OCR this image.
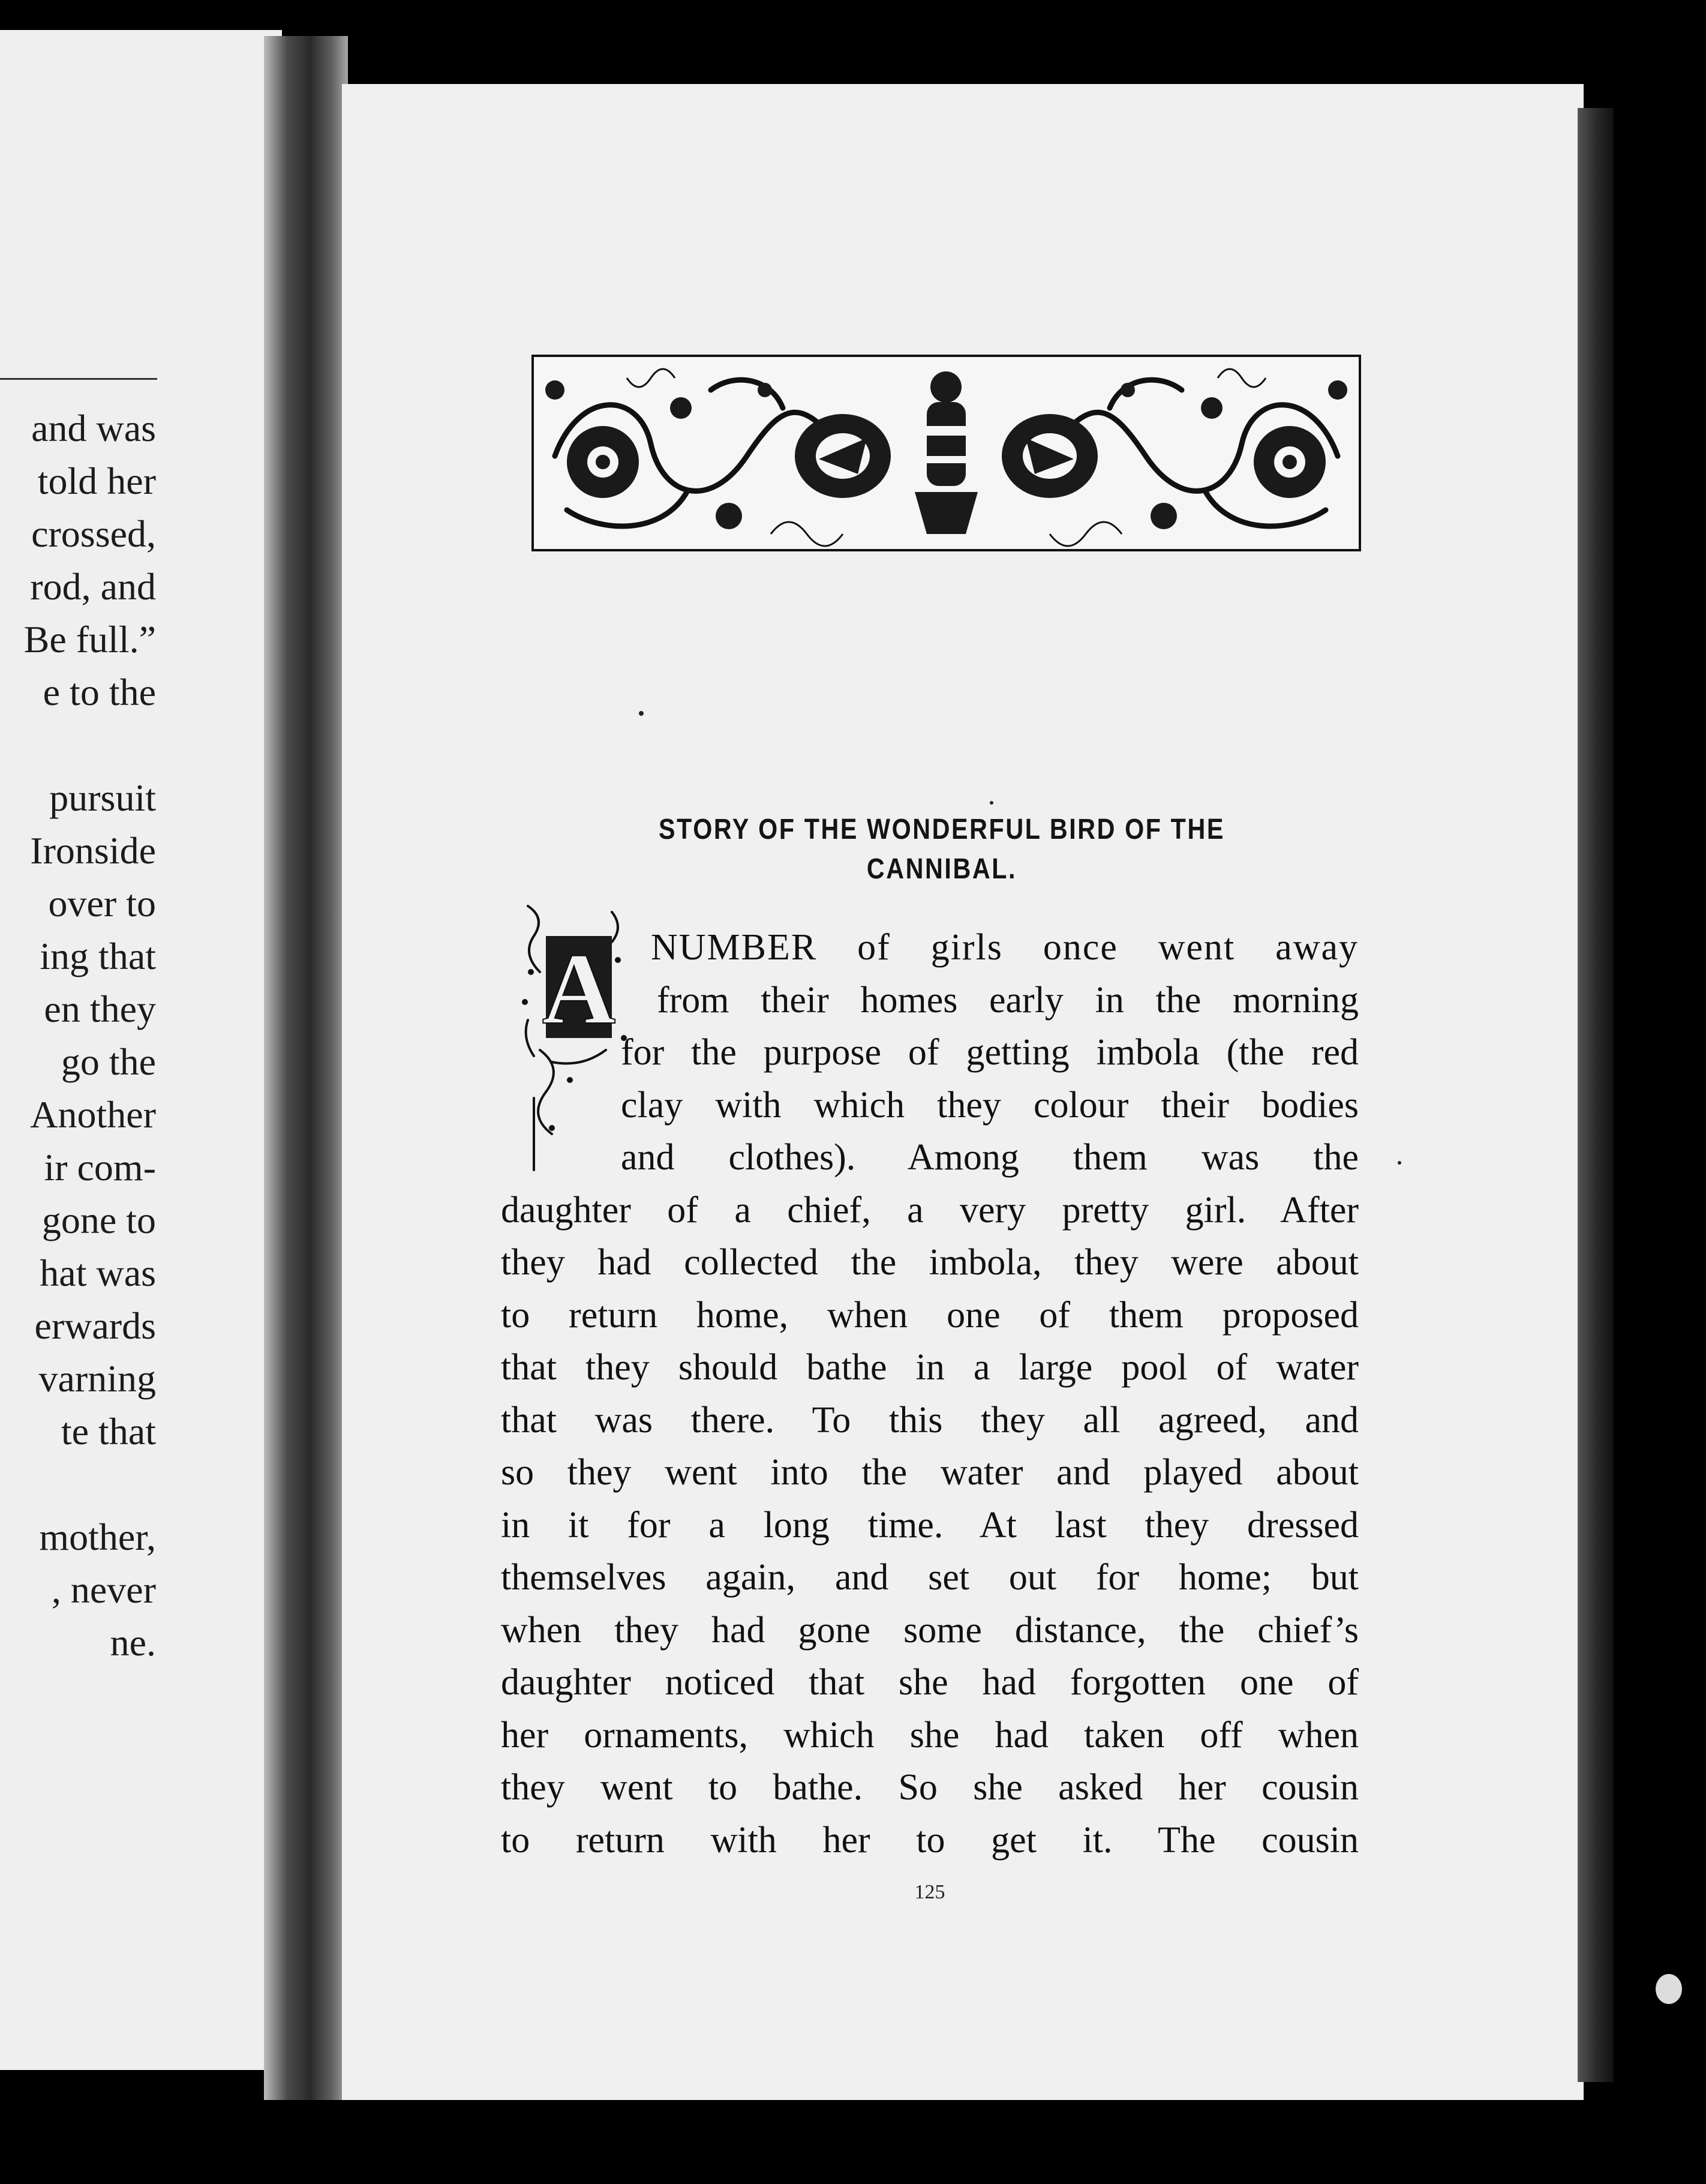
and was
told her
crossed,
rod, and
Be full.”
e to the
pursuit
Ironside
over to
ing that
en they
go the
Another
ir com-
gone to
hat was
erwards
varning
te that
mother,
, never
ne.
STORY OF THE WONDERFUL BIRD OF THE
CANNIBAL.
A NUMBER of girls once went away
from their homes early in the morning
for the purpose of getting imbola (the red
clay with which they colour their bodies
and clothes). Among them was the
daughter of a chief, a very pretty girl. After
they had collected the imbola, they were about
to return home, when one of them proposed
that they should bathe in a large pool of water
that was there. To this they all agreed, and
so they went into the water and played about
in it for a long time. At last they dressed
themselves again, and set out for home; but
when they had gone some distance, the chief’s
daughter noticed that she had forgotten one of
her ornaments, which she had taken off when
they went to bathe. So she asked her cousin
to return with her to get it. The cousin
125
